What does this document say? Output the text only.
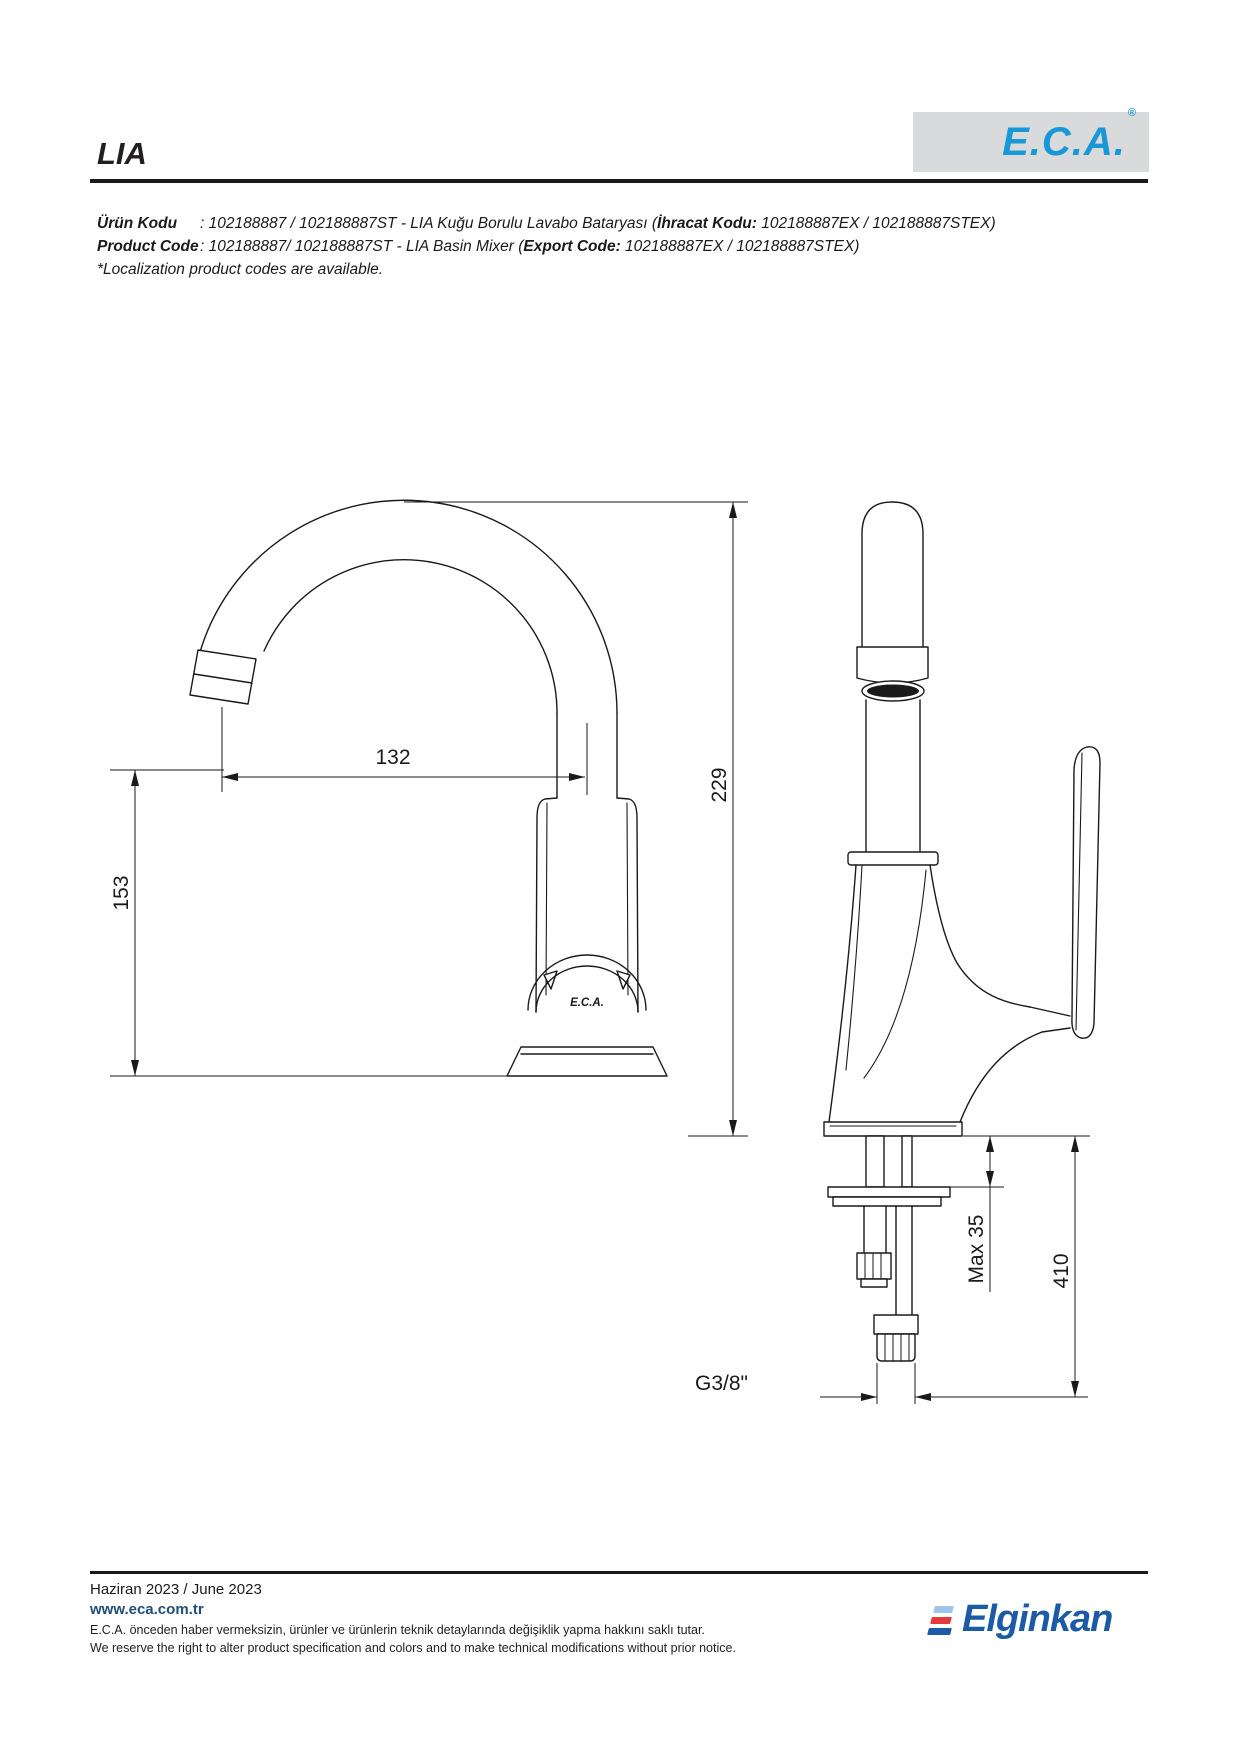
LIA	E.C.A.®
Ürün Kodu : 102188887 / 102188887ST - LIA Kuğu Borulu Lavabo Bataryası (İhracat Kodu: 102188887EX / 102188887STEX)
Product Code: 102188887/ 102188887ST - LIA Basin Mixer (Export Code: 102188887EX / 102188887STEX)
*Localization product codes are available.
132
153
229
Max 35	410
G3/8"
E.C.A.
Haziran 2023 / June 2023
www.eca.com.tr
E.C.A. önceden haber vermeksizin, ürünler ve ürünlerin teknik detaylarında değişiklik yapma hakkını saklı tutar.
We reserve the right to alter product specification and colors and to make technical modifications without prior notice.
Elginkan
